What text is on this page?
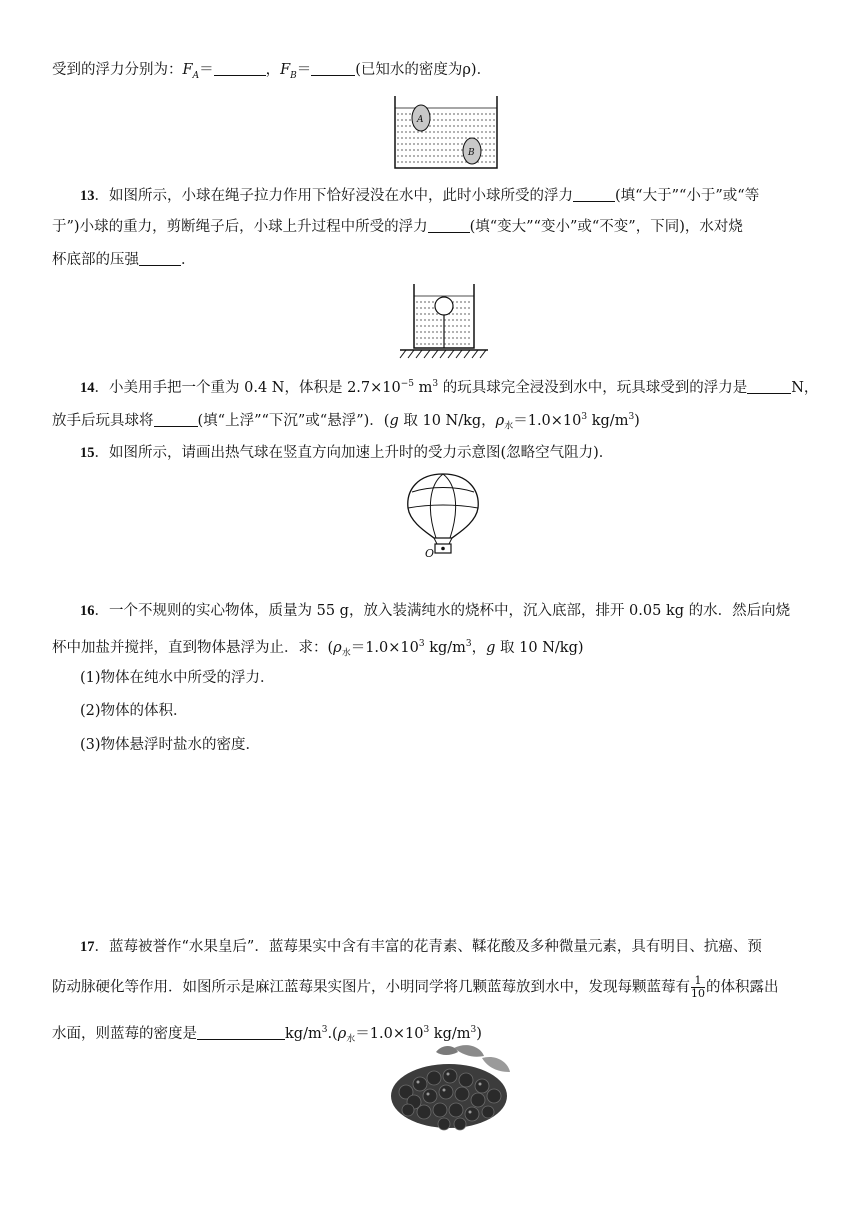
受到的浮力分别为：$F_A=$	，$F_B=$	(已知水的密度为ρ)．
A
B
13．如图所示，小球在绳子拉力作用下恰好浸没在水中，此时小球所受的浮力	(填“大于”“小于”或“等
于”)小球的重力，剪断绳子后，小球上升过程中所受的浮力	(填“变大”“变小”或“不变”，下同)，水对烧
杯底部的压强	．
14．小美用手把一个重为 0.4 N，体积是 $2.7\times 10^{-5}$ $m^3$ 的玩具球完全浸没到水中，玩具球受到的浮力是	N，
放手后玩具球将	(填“上浮”“下沉”或“悬浮”)．(g 取 10 N/kg，$\rho_水=1.0\times 10^3$ $kg/m^3$)
15．如图所示，请画出热气球在竖直方向加速上升时的受力示意图(忽略空气阻力)．
O
16．一个不规则的实心物体，质量为 55 g，放入装满纯水的烧杯中，沉入底部，排开 0.05 kg 的水．然后向烧
杯中加盐并搅拌，直到物体悬浮为止．求：($\rho_水=1.0\times 10^3$ $kg/m^3$，g 取 10 N/kg)
(1)物体在纯水中所受的浮力．
(2)物体的体积．
(3)物体悬浮时盐水的密度．
17．蓝莓被誉作“水果皇后”．蓝莓果实中含有丰富的花青素、鞣花酸及多种微量元素，具有明目、抗癌、预
防动脉硬化等作用．如图所示是麻江蓝莓果实图片，小明同学将几颗蓝莓放到水中，发现每颗蓝莓有 $\frac{1}{10}$ 的体积露出
水面，则蓝莓的密度是	$kg/m^3.(\rho_水=1.0\times 10^3$ $kg/m^3$)
